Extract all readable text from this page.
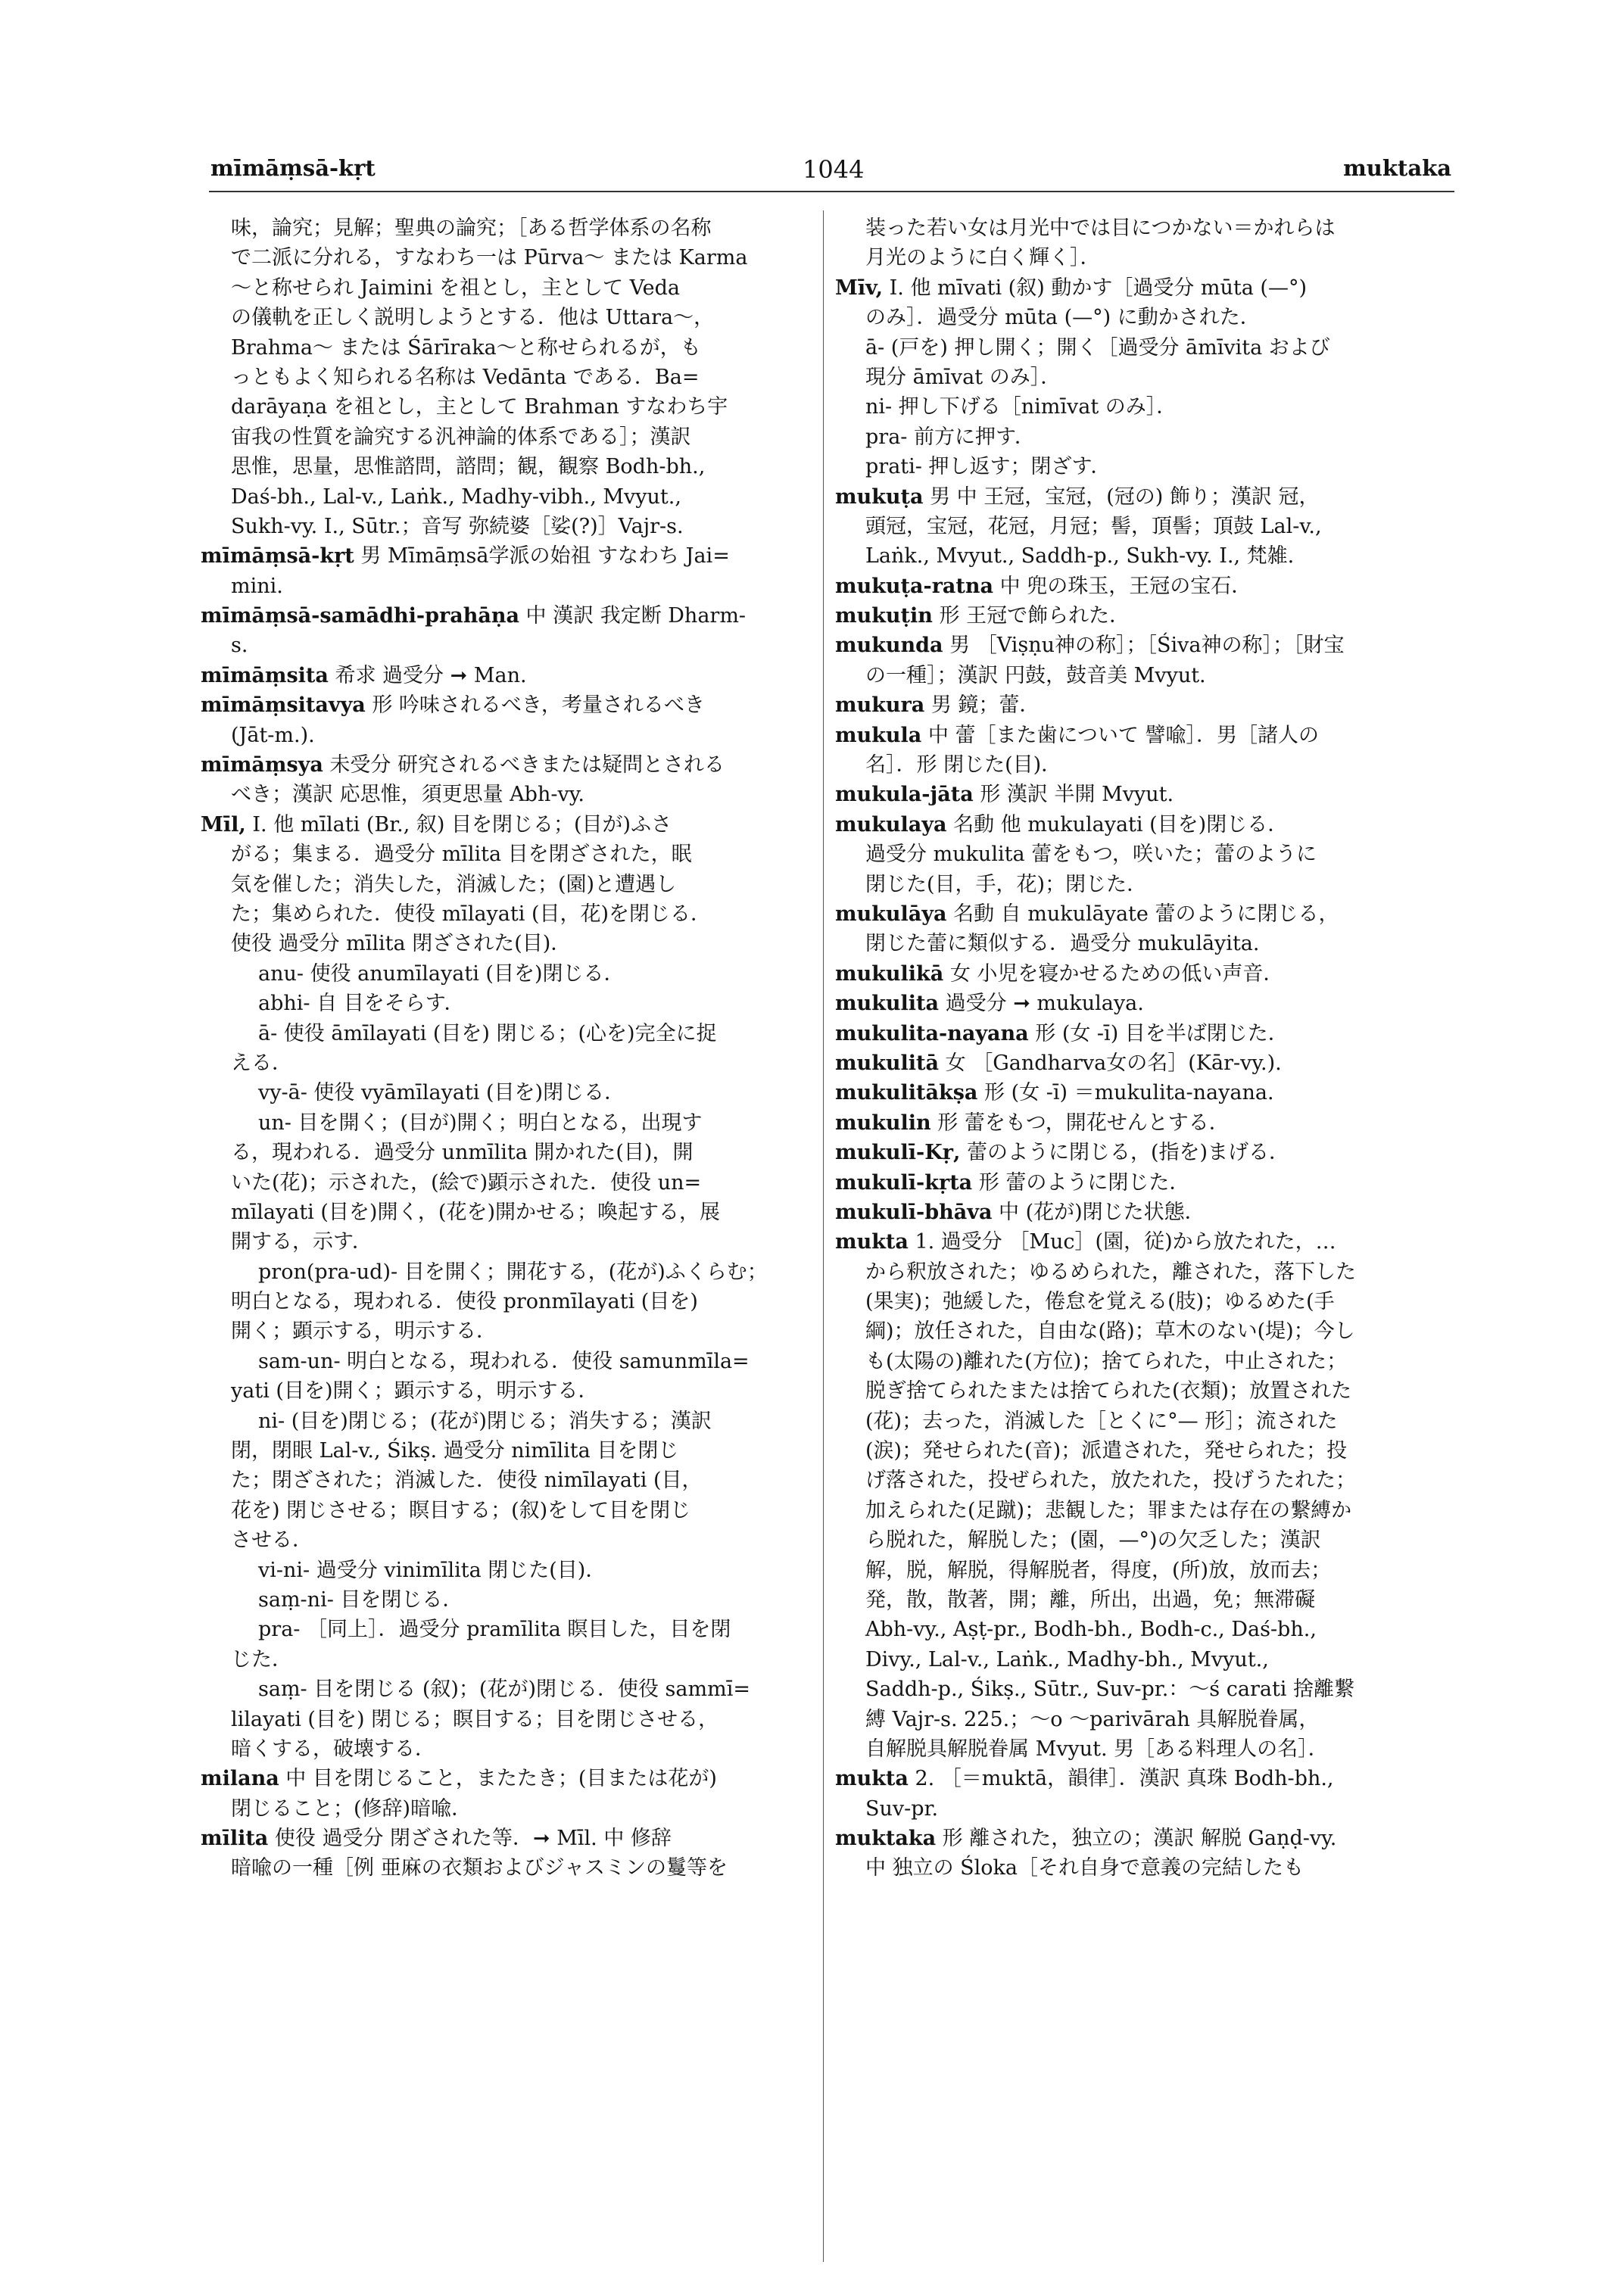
mīmāṃsā-kṛt	1044	muktaka
味，論究；見解；聖典の論究；［ある哲学体系の名称
で二派に分れる，すなわち一は Pūrva～ または Karma
～と称せられ Jaimini を祖とし，主として Veda
の儀軌を正しく説明しようとする．他は Uttara～，
Brahma～ または Śārīraka～と称せられるが，も
っともよく知られる名称は Vedānta である．Ba=
darāyaṇa を祖とし，主として Brahman すなわち宇
宙我の性質を論究する汎神論的体系である］；漢訳
思惟，思量，思惟諮問，諮問；観，観察 Bodh-bh.,
Daś-bh., Lal-v., Laṅk., Madhy-vibh., Mvyut.,
Sukh-vy. I., Sūtr.；音写 弥続婆［娑(?)］Vajr-s.
mīmāṃsā-kṛt 男 Mīmāṃsā学派の始祖 すなわち Jai=
mini.
mīmāṃsā-samādhi-prahāṇa 中 漢訳 我定断 Dharm-
s.
mīmāṃsita 希求 過受分 ➞ Man.
mīmāṃsitavya 形 吟味されるべき，考量されるべき
(Jāt-m.).
mīmāṃsya 未受分 研究されるべきまたは疑問とされる
べき；漢訳 応思惟，須更思量 Abh-vy.
Mīl, I. 他 mīlati (Br., 叙) 目を閉じる；(目が)ふさ
がる；集まる．過受分 mīlita 目を閉ざされた，眠
気を催した；消失した，消滅した；(園)と遭遇し
た；集められた．使役 mīlayati (目，花)を閉じる．
使役 過受分 mīlita 閉ざされた(目)．
anu- 使役 anumīlayati (目を)閉じる．
abhi- 自 目をそらす．
ā- 使役 āmīlayati (目を) 閉じる；(心を)完全に捉
える．
vy-ā- 使役 vyāmīlayati (目を)閉じる．
un- 目を開く；(目が)開く；明白となる，出現す
る，現われる．過受分 unmīlita 開かれた(目)，開
いた(花)；示された，(絵で)顕示された．使役 un=
mīlayati (目を)開く，(花を)開かせる；喚起する，展
開する，示す．
pron(pra-ud)- 目を開く；開花する，(花が)ふくらむ；
明白となる，現われる．使役 pronmīlayati (目を)
開く；顕示する，明示する．
sam-un- 明白となる，現われる．使役 samunmīla=
yati (目を)開く；顕示する，明示する．
ni- (目を)閉じる；(花が)閉じる；消失する；漢訳
閉，閉眼 Lal-v., Śikṣ. 過受分 nimīlita 目を閉じ
た；閉ざされた；消滅した．使役 nimīlayati (目，
花を) 閉じさせる；瞑目する；(叙)をして目を閉じ
させる．
vi-ni- 過受分 vinimīlita 閉じた(目)．
saṃ-ni- 目を閉じる．
pra- ［同上］．過受分 pramīlita 瞑目した，目を閉
じた．
saṃ- 目を閉じる (叙)；(花が)閉じる．使役 sammī=
lilayati (目を) 閉じる；瞑目する；目を閉じさせる，
暗くする，破壊する．
milana 中 目を閉じること，またたき；(目または花が)
閉じること；(修辞)暗喩．
mīlita 使役 過受分 閉ざされた等．➞ Mīl. 中 修辞
暗喩の一種［例 亜麻の衣類およびジャスミンの鬘等を
装った若い女は月光中では目につかない＝かれらは
月光のように白く輝く］．
Mīv, I. 他 mīvati (叙) 動かす［過受分 mūta (—°)
のみ］．過受分 mūta (—°) に動かされた．
ā- (戸を) 押し開く；開く［過受分 āmīvita および
現分 āmīvat のみ］．
ni- 押し下げる［nimīvat のみ］．
pra- 前方に押す．
prati- 押し返す；閉ざす．
mukuṭa 男 中 王冠，宝冠，(冠の) 飾り；漢訳 冠，
頭冠，宝冠，花冠，月冠；髻，頂髻；頂鼓 Lal-v.,
Laṅk., Mvyut., Saddh-p., Sukh-vy. I., 梵雑.
mukuṭa-ratna 中 兜の珠玉，王冠の宝石．
mukuṭin 形 王冠で飾られた．
mukunda 男 ［Viṣṇu神の称］；［Śiva神の称］；［財宝
の一種］；漢訳 円鼓，鼓音美 Mvyut.
mukura 男 鏡；蕾．
mukula 中 蕾［また歯について 譬喩］．男［諸人の
名］．形 閉じた(目)．
mukula-jāta 形 漢訳 半開 Mvyut.
mukulaya 名動 他 mukulayati (目を)閉じる．
過受分 mukulita 蕾をもつ，咲いた；蕾のように
閉じた(目，手，花)；閉じた．
mukulāya 名動 自 mukulāyate 蕾のように閉じる，
閉じた蕾に類似する．過受分 mukulāyita.
mukulikā 女 小児を寝かせるための低い声音．
mukulita 過受分 ➞ mukulaya.
mukulita-nayana 形 (女 -ī) 目を半ば閉じた．
mukulitā 女 ［Gandharva女の名］(Kār-vy.).
mukulitākṣa 形 (女 -ī) ＝mukulita-nayana.
mukulin 形 蕾をもつ，開花せんとする．
mukulī-Kṛ, 蕾のように閉じる，(指を)まげる．
mukulī-kṛta 形 蕾のように閉じた．
mukulī-bhāva 中 (花が)閉じた状態．
mukta 1. 過受分 ［Muc］(園，従)から放たれた，…
から釈放された；ゆるめられた，離された，落下した
(果実)；弛緩した，倦怠を覚える(肢)；ゆるめた(手
綱)；放任された，自由な(路)；草木のない(堤)；今し
も(太陽の)離れた(方位)；捨てられた，中止された；
脱ぎ捨てられたまたは捨てられた(衣類)；放置された
(花)；去った，消滅した［とくに°— 形］；流された
(涙)；発せられた(音)；派遣された，発せられた；投
げ落された，投ぜられた，放たれた，投げうたれた；
加えられた(足蹴)；悲観した；罪または存在の繋縛か
ら脱れた，解脱した；(園，—°)の欠乏した；漢訳
解，脱，解脱，得解脱者，得度，(所)放，放而去；
発，散，散著，開；離，所出，出過，免；無滞礙
Abh-vy., Aṣṭ-pr., Bodh-bh., Bodh-c., Daś-bh.,
Divy., Lal-v., Laṅk., Madhy-bh., Mvyut.,
Saddh-p., Śikṣ., Sūtr., Suv-pr.：～ś carati 捨離繋
縛 Vajr-s. 225.；～o ～parivārah 具解脱眷属，
自解脱具解脱眷属 Mvyut. 男［ある料理人の名］．
mukta 2. ［＝muktā，韻律］．漢訳 真珠 Bodh-bh.,
Suv-pr.
muktaka 形 離された，独立の；漢訳 解脱 Gaṇḍ-vy.
中 独立の Śloka［それ自身で意義の完結したも
